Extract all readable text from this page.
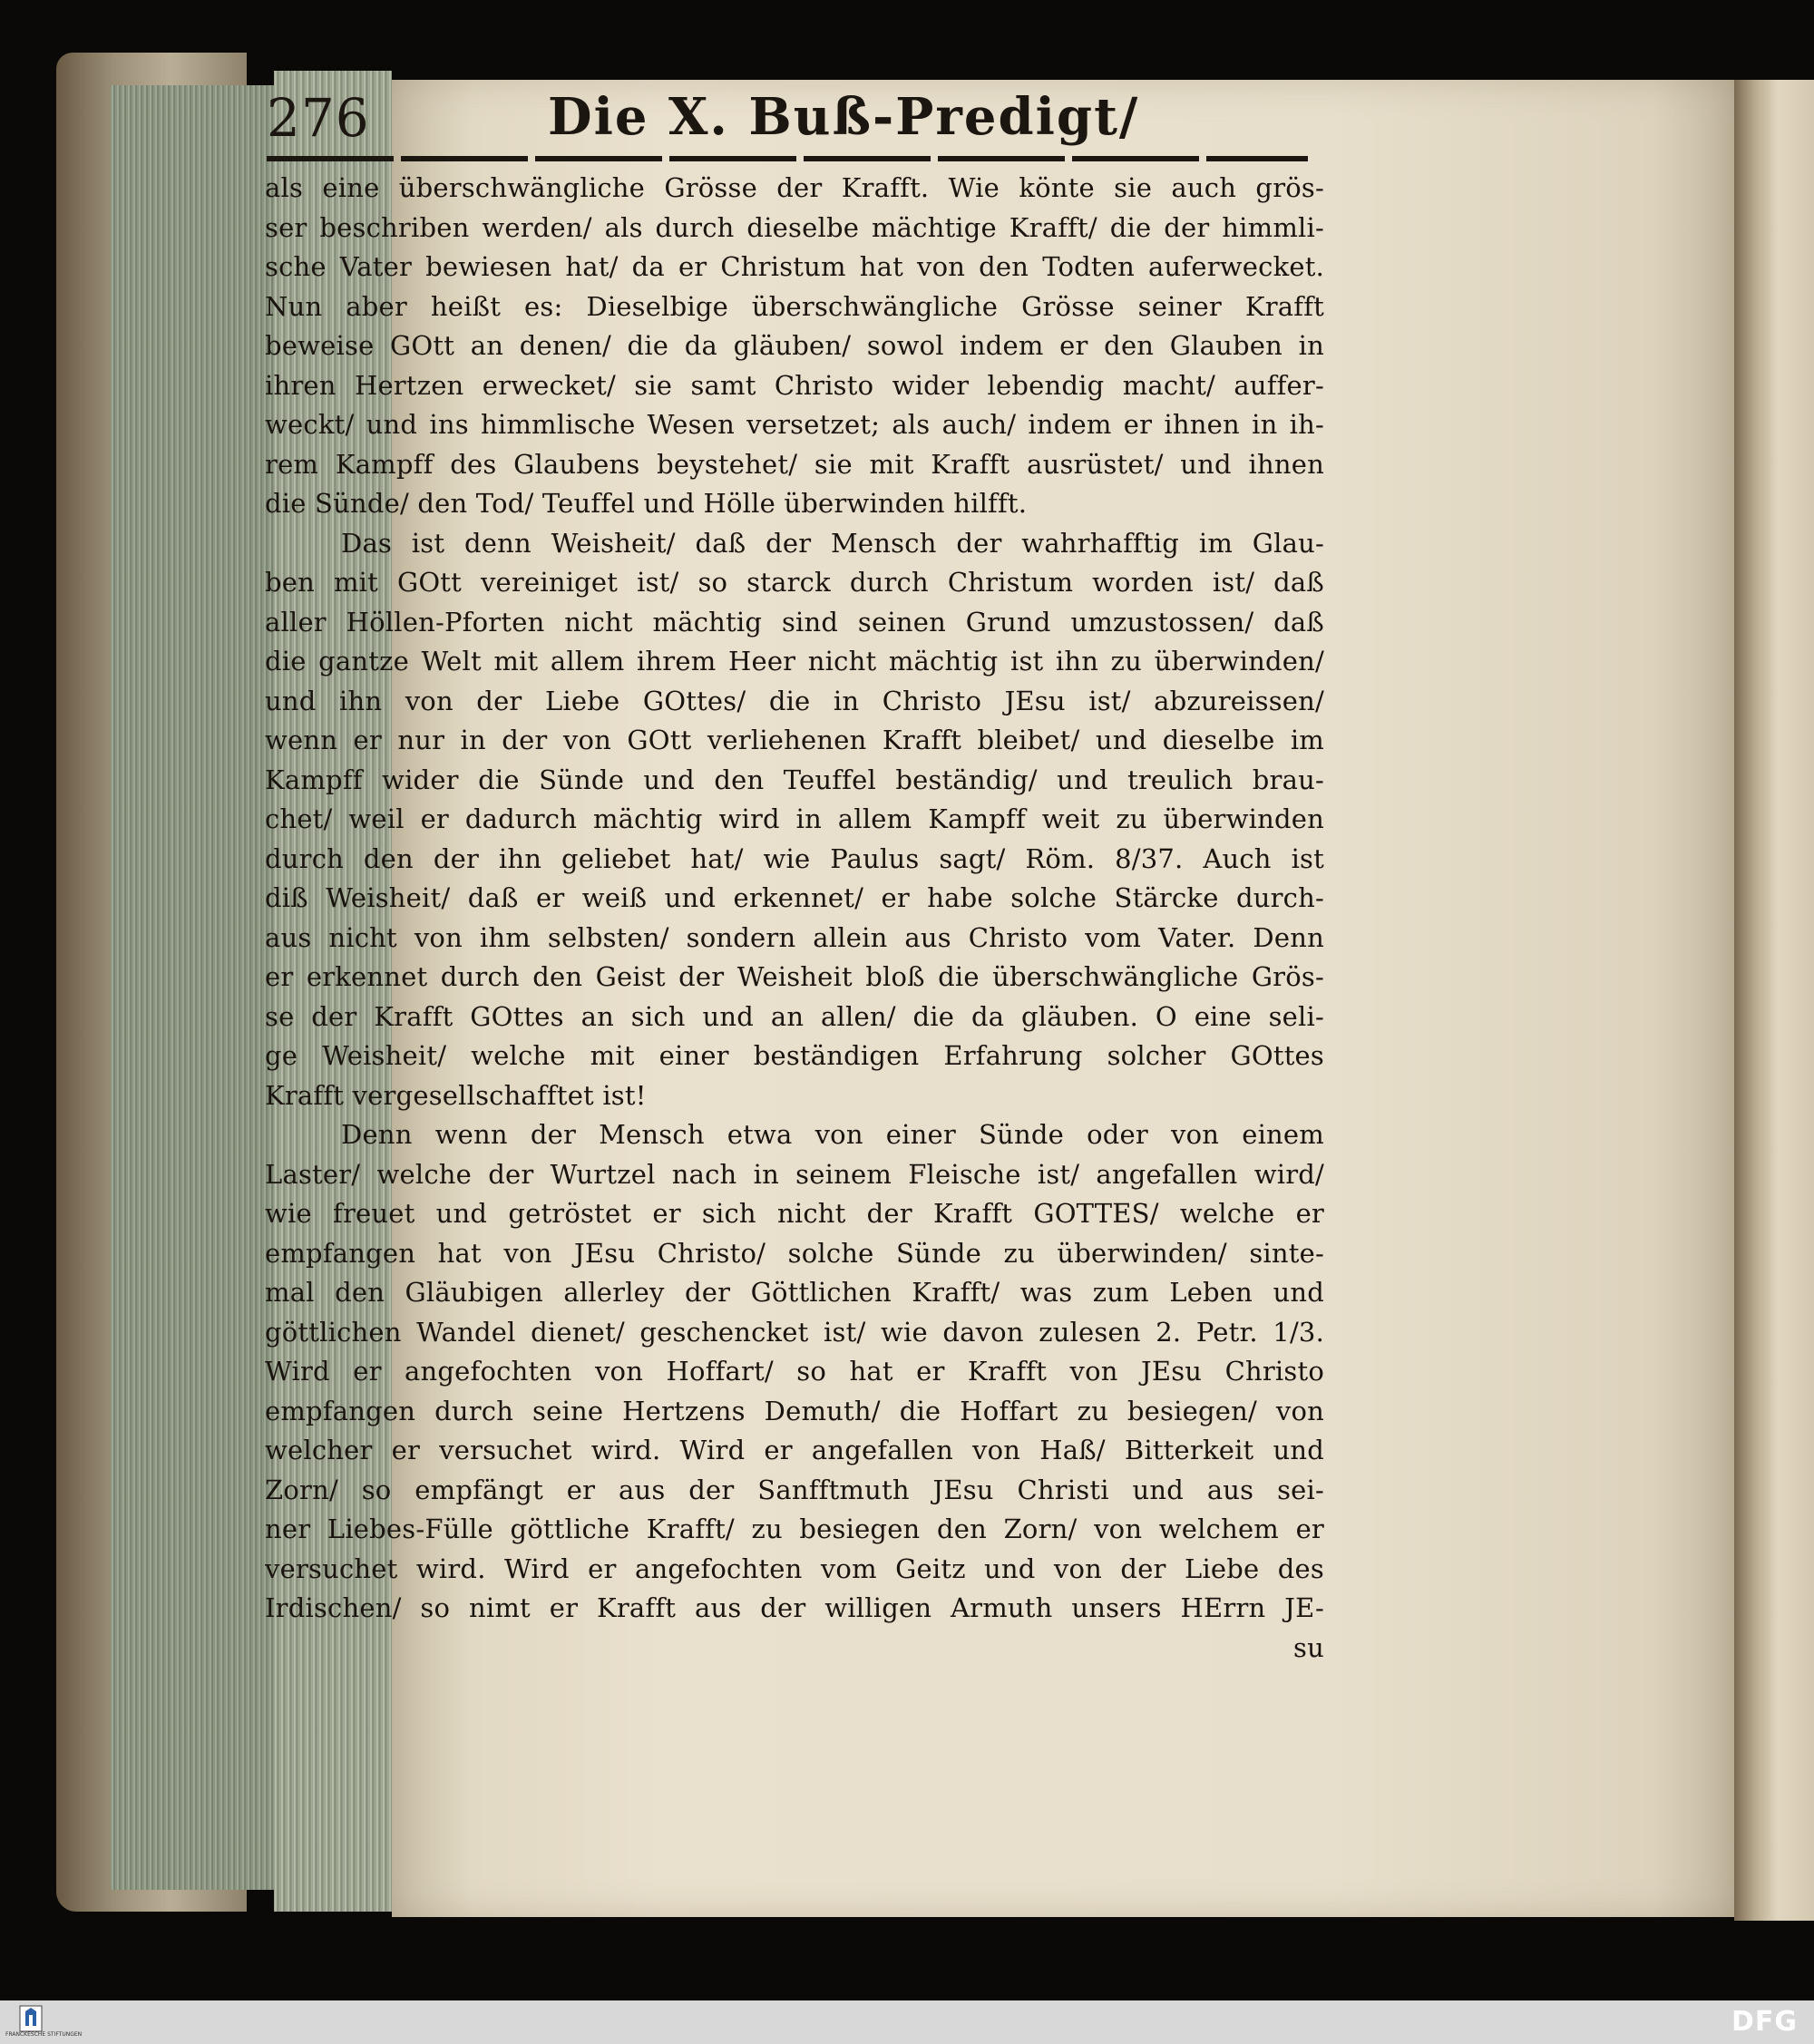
276	Die X. Buß-Predigt/
als eine überschwängliche Grösse der Krafft. Wie könte sie auch grös-
ser beschriben werden/ als durch dieselbe mächtige Krafft/ die der himmli-
sche Vater bewiesen hat/ da er Christum hat von den Todten auferwecket.
Nun aber heißt es: Dieselbige überschwängliche Grösse seiner Krafft
beweise GOtt an denen/ die da gläuben/ sowol indem er den Glauben in
ihren Hertzen erwecket/ sie samt Christo wider lebendig macht/ auffer-
weckt/ und ins himmlische Wesen versetzet; als auch/ indem er ihnen in ih-
rem Kampff des Glaubens beystehet/ sie mit Krafft ausrüstet/ und ihnen
die Sünde/ den Tod/ Teuffel und Hölle überwinden hilfft.
Das ist denn Weisheit/ daß der Mensch der wahrhafftig im Glau-
ben mit GOtt vereiniget ist/ so starck durch Christum worden ist/ daß
aller Höllen-Pforten nicht mächtig sind seinen Grund umzustossen/ daß
die gantze Welt mit allem ihrem Heer nicht mächtig ist ihn zu überwinden/
und ihn von der Liebe GOttes/ die in Christo JEsu ist/ abzureissen/
wenn er nur in der von GOtt verliehenen Krafft bleibet/ und dieselbe im
Kampff wider die Sünde und den Teuffel beständig/ und treulich brau-
chet/ weil er dadurch mächtig wird in allem Kampff weit zu überwinden
durch den der ihn geliebet hat/ wie Paulus sagt/ Röm. 8/37. Auch ist
diß Weisheit/ daß er weiß und erkennet/ er habe solche Stärcke durch-
aus nicht von ihm selbsten/ sondern allein aus Christo vom Vater. Denn
er erkennet durch den Geist der Weisheit bloß die überschwängliche Grös-
se der Krafft GOttes an sich und an allen/ die da gläuben. O eine seli-
ge Weisheit/ welche mit einer beständigen Erfahrung solcher GOttes
Krafft vergesellschafftet ist!
Denn wenn der Mensch etwa von einer Sünde oder von einem
Laster/ welche der Wurtzel nach in seinem Fleische ist/ angefallen wird/
wie freuet und getröstet er sich nicht der Krafft GOTTES/ welche er
empfangen hat von JEsu Christo/ solche Sünde zu überwinden/ sinte-
mal den Gläubigen allerley der Göttlichen Krafft/ was zum Leben und
göttlichen Wandel dienet/ geschencket ist/ wie davon zulesen 2. Petr. 1/3.
Wird er angefochten von Hoffart/ so hat er Krafft von JEsu Christo
empfangen durch seine Hertzens Demuth/ die Hoffart zu besiegen/ von
welcher er versuchet wird. Wird er angefallen von Haß/ Bitterkeit und
Zorn/ so empfängt er aus der Sanfftmuth JEsu Christi und aus sei-
ner Liebes-Fülle göttliche Krafft/ zu besiegen den Zorn/ von welchem er
versuchet wird. Wird er angefochten vom Geitz und von der Liebe des
Irdischen/ so nimt er Krafft aus der willigen Armuth unsers HErrn JE-
su
FRANCKESCHE STIFTUNGEN	DFG
